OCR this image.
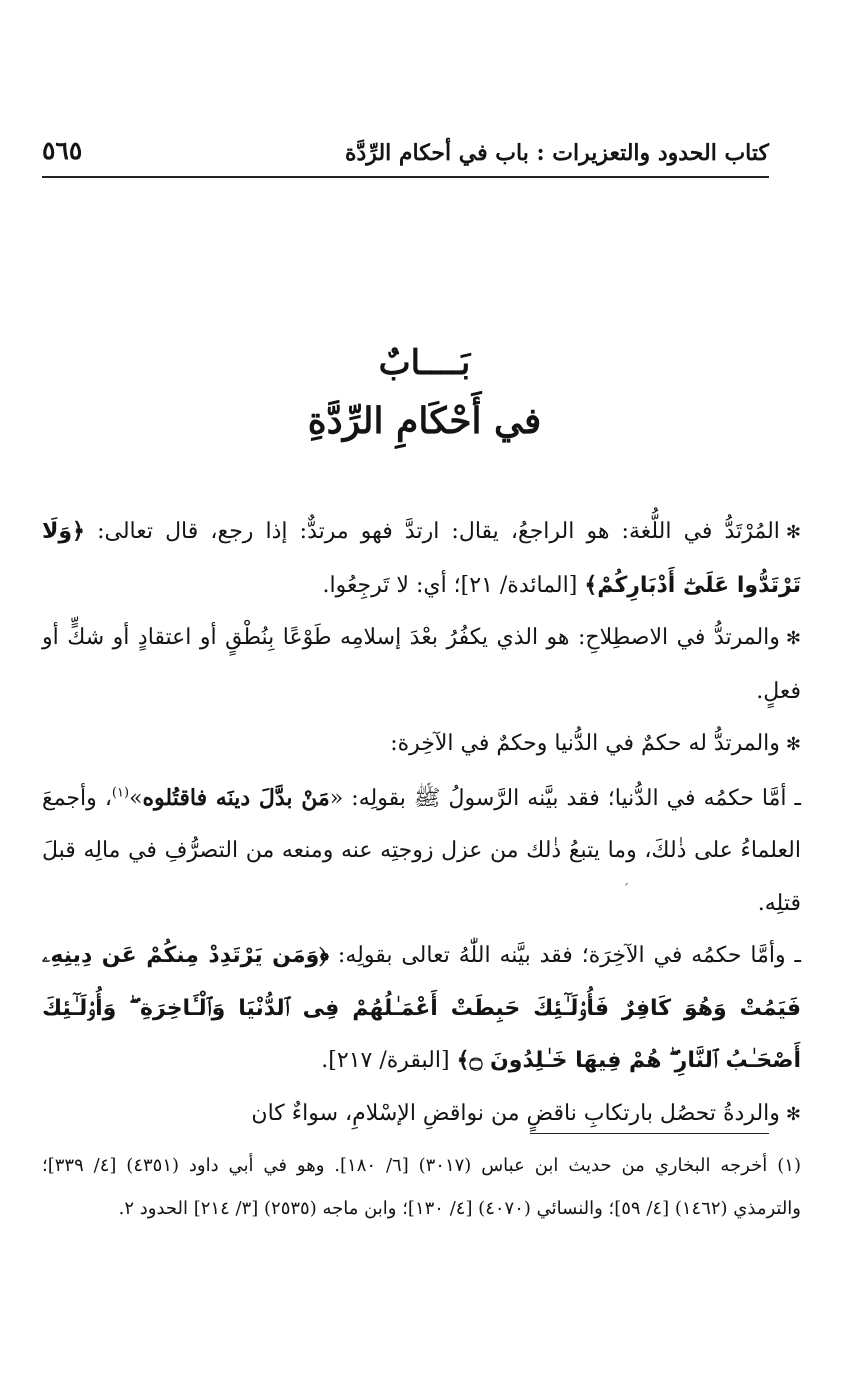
كتاب الحدود والتعزيرات : باب في أحكام الرِّدَّة
٥٦٥
بَــــابٌ
في أَحْكَامِ الرِّدَّةِ

✻المُرْتَدُّ في اللُّغة: هو الراجعُ، يقال: ارتدَّ فهو مرتدٌّ: إذا رجع، قال تعالى: ﴿وَلَا تَرْتَدُّوا عَلَىٰٓ أَدْبَارِكُمْ﴾ [المائدة/ ٢١]؛ أي: لا تَرجِعُوا.

✻والمرتدُّ في الاصطِلاحِ: هو الذي يكفُرُ بعْدَ إسلامِه طَوْعًا بِنُطْقٍ أو اعتقادٍ أو شكٍّ أو فعلٍ.

✻والمرتدُّ له حكمٌ في الدُّنيا وحكمٌ في الآخِرة:

ـ أمَّا حكمُه في الدُّنيا؛ فقد بيَّنه الرَّسولُ ﷺ بقولِه: «مَنْ بدَّلَ دينَه فاقتُلوه»$^{(١)}$، وأجمعَ العلماءُ على ذٰلكَ، وما يتبعُ ذٰلك من عزل زوجتِه عنه ومنعه من التصرُّفِ في مالِه قبلَ قتلِه.

ـ وأمَّا حكمُه في الآخِرَة؛ فقد بيَّنه اللّٰهُ تعالى بقولِه: ﴿وَمَن يَرْتَدِدْ مِنكُمْ عَن دِينِهِۦ فَيَمُتْ وَهُوَ كَافِرٌ فَأُو۟لَـٰٓئِكَ حَبِطَتْ أَعْمَـٰلُهُمْ فِى ٱلدُّنْيَا وَٱلْـَٔاخِرَةِ ۖ وَأُو۟لَـٰٓئِكَ أَصْحَـٰبُ ٱلنَّارِ ۖ هُمْ فِيهَا خَـٰلِدُونَ ۝﴾ [البقرة/ ٢١٧].

✻والردةُ تحصُل بارتكابِ ناقضٍ من نواقضِ الإسْلامِ، سواءٌ كان

(١)أخرجه البخاري من حديث ابن عباس (٣٠١٧) [٦/ ١٨٠]. وهو في أبي داود (٤٣٥١) [٤/ ٣٣٩]؛ والترمذي (١٤٦٢) [٤/ ٥٩]؛ والنسائي (٤٠٧٠) [٤/ ١٣٠]؛ وابن ماجه (٢٥٣٥) [٣/ ٢١٤] الحدود ٢.
ˊ
